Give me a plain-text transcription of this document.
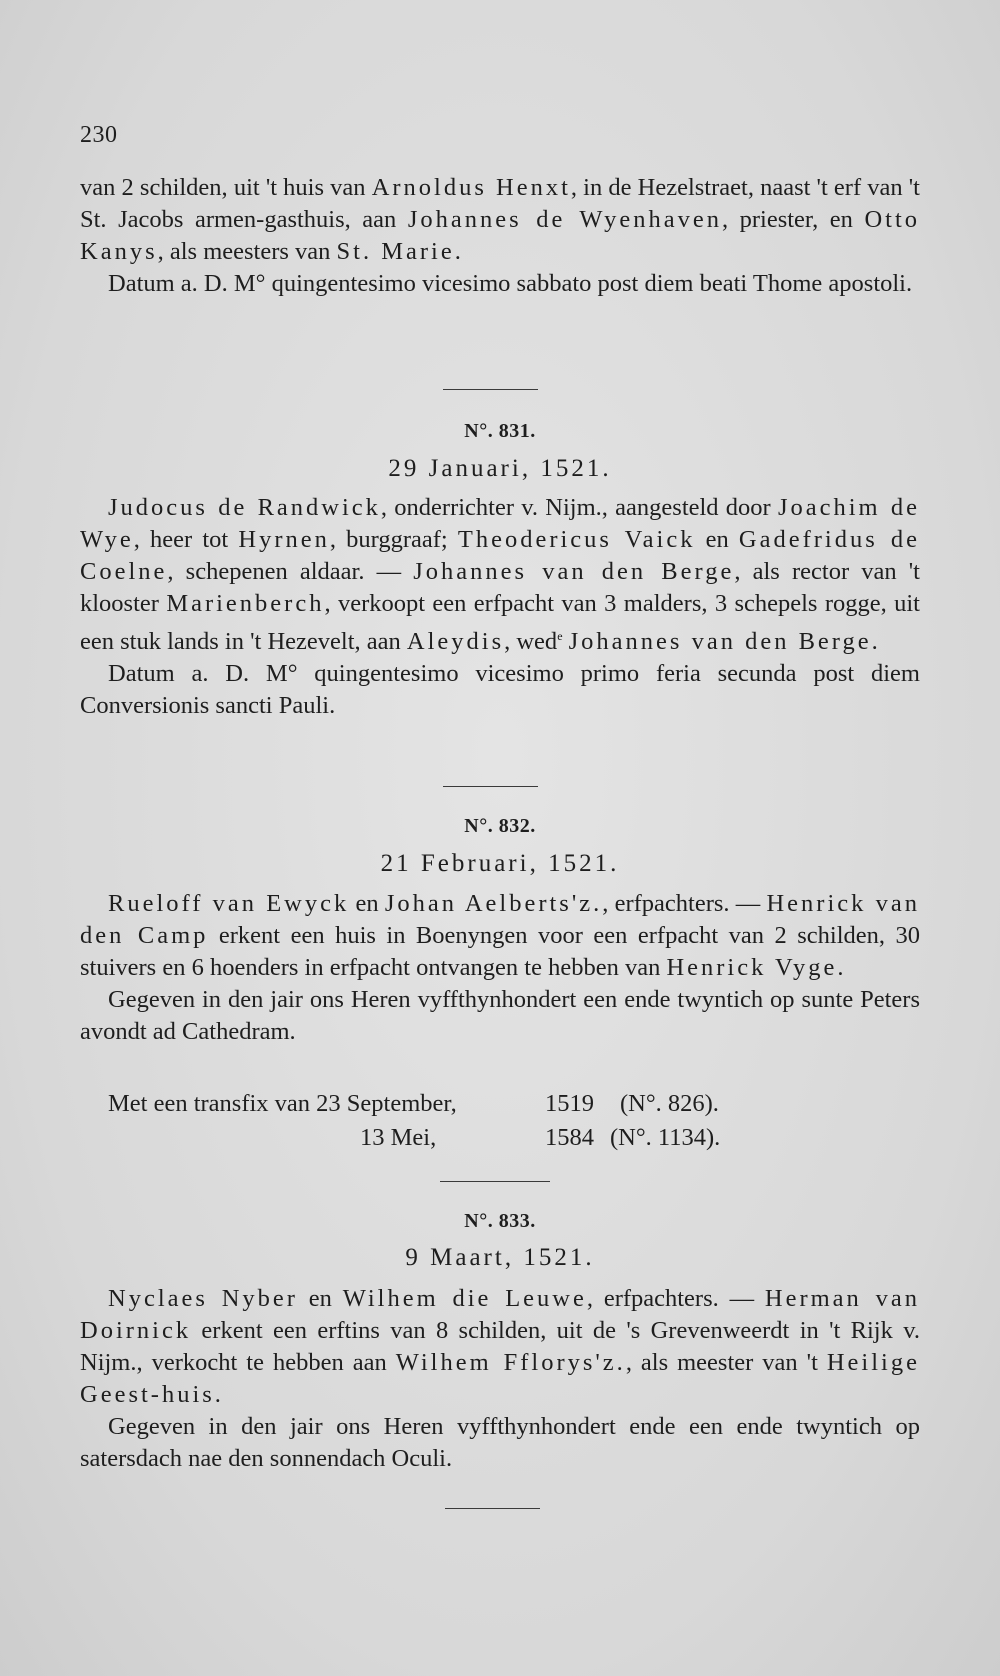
230

van 2 schilden, uit 't huis van Arnoldus Henxt, in de Hezelstraet, naast 't erf van 't St. Jacobs armen-gasthuis, aan Johannes de Wyenhaven, priester, en Otto Kanys, als meesters van St. Marie.

Datum a. D. M° quingentesimo vicesimo sabbato post diem beati Thome apostoli.

N°. 831.
29 Januari, 1521.

Judocus de Randwick, onderrichter v. Nijm., aangesteld door Joachim de Wye, heer tot Hyrnen, burggraaf; Theodericus Vaick en Gadefridus de Coelne, schepenen aldaar. — Johannes van den Berge, als rector van 't klooster Marienberch, verkoopt een erfpacht van 3 malders, 3 schepels rogge, uit een stuk lands in 't Hezevelt, aan Aleydis, wed$^e$ Johannes van den Berge.

Datum a. D. M° quingentesimo vicesimo primo feria secunda post diem Conversionis sancti Pauli.

N°. 832.
21 Februari, 1521.

Rueloff van Ewyck en Johan Aelberts'z., erfpachters. — Henrick van den Camp erkent een huis in Boenyngen voor een erfpacht van 2 schilden, 30 stuivers en 6 hoenders in erfpacht ontvangen te hebben van Henrick Vyge.

Gegeven in den jair ons Heren vyffthynhondert een ende twyntich op sunte Peters avondt ad Cathedram.

Met een transfix van 23 September,	1519 (N°. 826).
13 Mei,	1584 (N°. 1134).
N°. 833.
9 Maart, 1521.

Nyclaes Nyber en Wilhem die Leuwe, erfpachters. — Herman van Doirnick erkent een erftins van 8 schilden, uit de 's Grevenweerdt in 't Rijk v. Nijm., verkocht te hebben aan Wilhem Fflorys'z., als meester van 't Heilige Geest-huis.

Gegeven in den jair ons Heren vyffthynhondert ende een ende twyntich op satersdach nae den sonnendach Oculi.
